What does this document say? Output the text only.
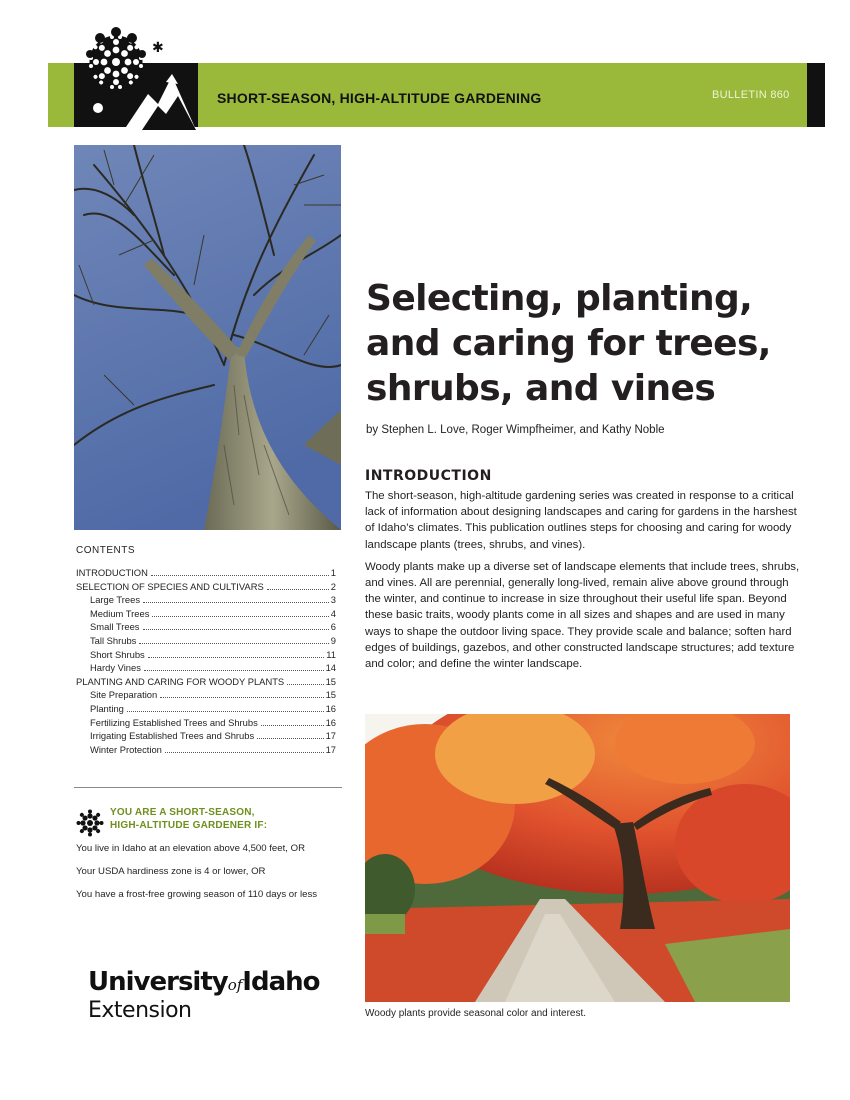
✱
SHORT-SEASON, HIGH-ALTITUDE GARDENING	BULLETIN 860
Selecting, planting, and caring for trees, shrubs, and vines
by Stephen L. Love, Roger Wimpfheimer, and Kathy Noble
INTRODUCTION

The short-season, high-altitude gardening series was created in response to a critical lack of information about designing landscapes and caring for gardens in the harshest of Idaho’s climates. This publication outlines steps for choosing and caring for woody landscape plants (trees, shrubs, and vines).

Woody plants make up a diverse set of landscape elements that include trees, shrubs, and vines. All are perennial, generally long-lived, remain alive above ground through the winter, and continue to increase in size throughout their useful life span. Beyond these basic traits, woody plants come in all sizes and shapes and are used in many ways to shape the outdoor living space. They provide scale and balance; soften hard edges of buildings, gazebos, and other constructed landscape structures; add texture and color; and define the winter landscape.

CONTENTS
INTRODUCTION	1
SELECTION OF SPECIES AND CULTIVARS	2
Large Trees	3
Medium Trees	4
Small Trees	6
Tall Shrubs	9
Short Shrubs	11
Hardy Vines	14
PLANTING AND CARING FOR WOODY PLANTS	15
Site Preparation	15
Planting	16
Fertilizing Established Trees and Shrubs	16
Irrigating Established Trees and Shrubs	17
Winter Protection	17
YOU ARE A SHORT-SEASON,
HIGH-ALTITUDE GARDENER IF:
You live in Idaho at an elevation above 4,500 feet, OR
Your USDA hardiness zone is 4 or lower, OR
You have a frost-free growing season of 110 days or less
UniversityofIdaho
Extension	Woody plants provide seasonal color and interest.
